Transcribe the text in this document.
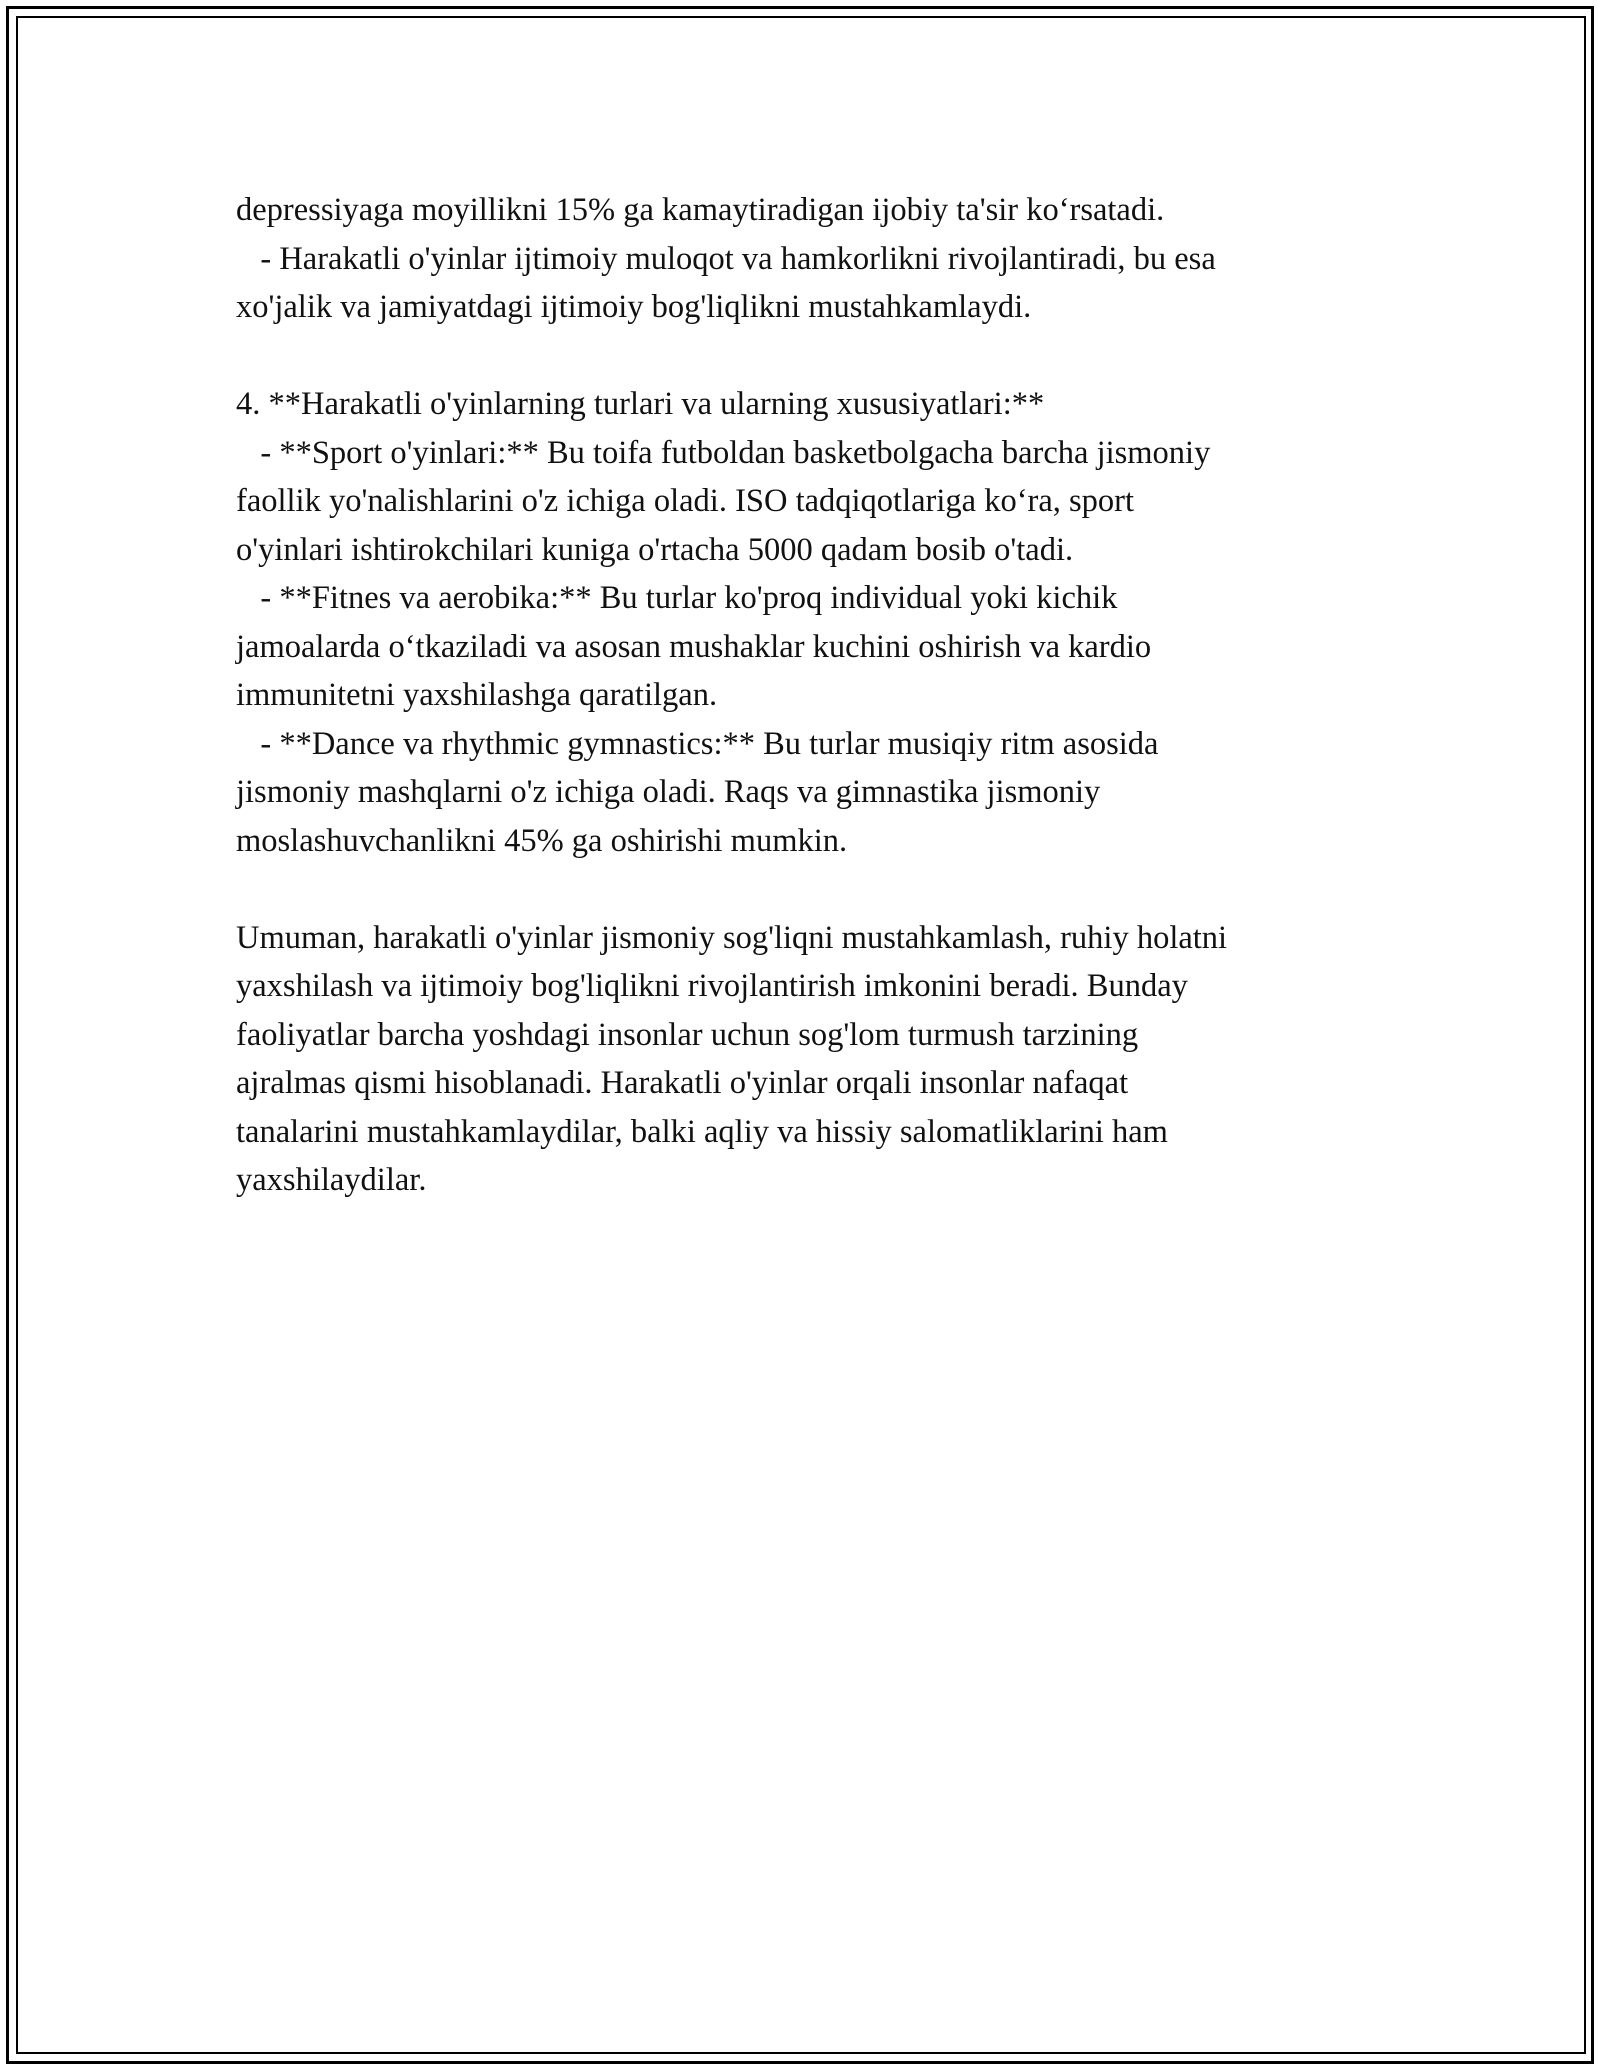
depressiyaga moyillikni 15% ga kamaytiradigan ijobiy ta'sir koʻrsatadi.
- Harakatli o'yinlar ijtimoiy muloqot va hamkorlikni rivojlantiradi, bu esa
xo'jalik va jamiyatdagi ijtimoiy bog'liqlikni mustahkamlaydi.
4. **Harakatli o'yinlarning turlari va ularning xususiyatlari:**
- **Sport o'yinlari:** Bu toifa futboldan basketbolgacha barcha jismoniy
faollik yo'nalishlarini o'z ichiga oladi. ISO tadqiqotlariga koʻra, sport
o'yinlari ishtirokchilari kuniga o'rtacha 5000 qadam bosib o'tadi.
- **Fitnes va aerobika:** Bu turlar ko'proq individual yoki kichik
jamoalarda oʻtkaziladi va asosan mushaklar kuchini oshirish va kardio
immunitetni yaxshilashga qaratilgan.
- **Dance va rhythmic gymnastics:** Bu turlar musiqiy ritm asosida
jismoniy mashqlarni o'z ichiga oladi. Raqs va gimnastika jismoniy
moslashuvchanlikni 45% ga oshirishi mumkin.
Umuman, harakatli o'yinlar jismoniy sog'liqni mustahkamlash, ruhiy holatni
yaxshilash va ijtimoiy bog'liqlikni rivojlantirish imkonini beradi. Bunday
faoliyatlar barcha yoshdagi insonlar uchun sog'lom turmush tarzining
ajralmas qismi hisoblanadi. Harakatli o'yinlar orqali insonlar nafaqat
tanalarini mustahkamlaydilar, balki aqliy va hissiy salomatliklarini ham
yaxshilaydilar.
